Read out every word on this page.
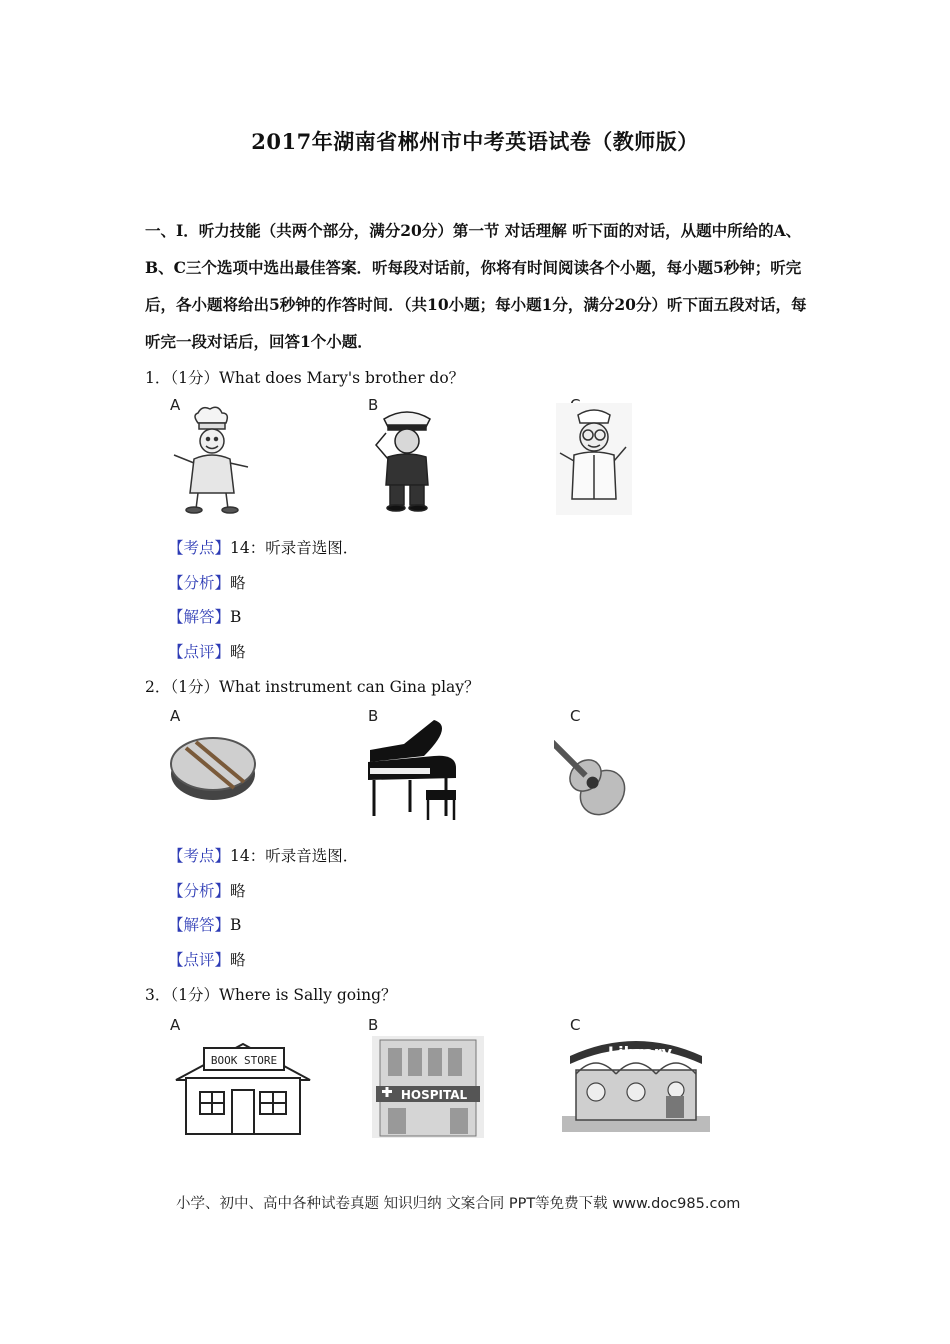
2017年湖南省郴州市中考英语试卷（教师版）
一、Ⅰ．听力技能（共两个部分，满分20分）第一节 对话理解 听下面的对话，从题中所给的A、B、C三个选项中选出最佳答案．听每段对话前，你将有时间阅读各个小题，每小题5秒钟；听完后，各小题将给出5秒钟的作答时间．（共10小题；每小题1分，满分20分）听下面五段对话，每听完一段对话后，回答1个小题．
1．（1分）What does Mary's brother do？
A	B
【考点】14：听录音选图．
【分析】略
【解答】B
【点评】略
2．（1分）What instrument can Gina play？
A	B	C
【考点】14：听录音选图．
【分析】略
【解答】B
【点评】略
3．（1分）Where is Sally going？
A	B	C
BOOK STORE
HOSPITAL
Library
小学、初中、高中各种试卷真题 知识归纳 文案合同 PPT等免费下载 www.doc985.com
